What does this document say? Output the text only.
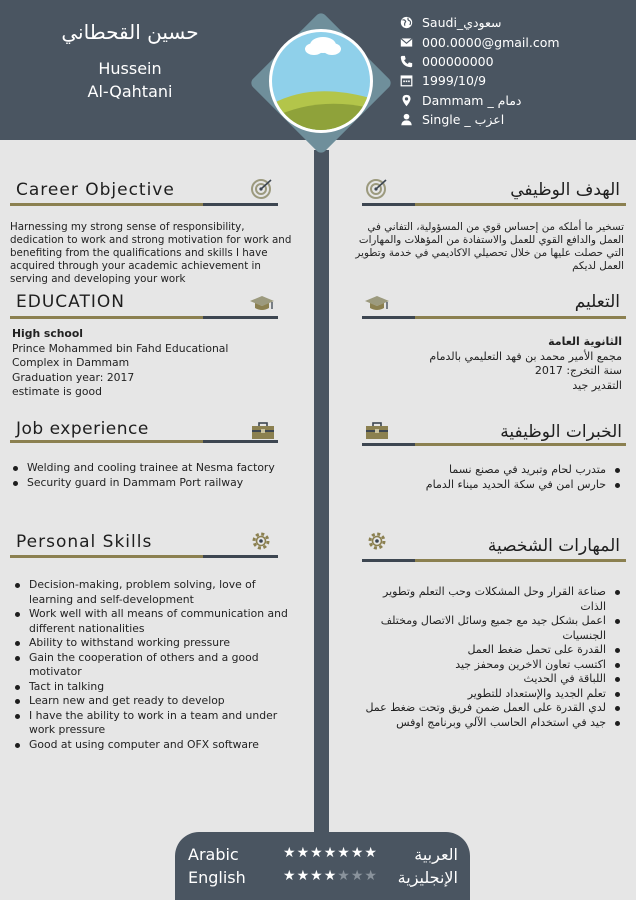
حسين القحطاني
Hussein
Al-Qahtani
Saudi_سعودي
000.0000@gmail.com
000000000
1999/10/9
Dammam _ دمام
Single _ اعزب
Career Objective
Harnessing my strong sense of responsibility, dedication to work and strong motivation for work and benefiting from the qualifications and skills I have acquired through your academic achievement in serving and developing your work
الهدف الوظيفي
تسخير ما أملكه من إحساس قوي من المسؤولية، التفاني في العمل والدافع القوي للعمل والاستفادة من المؤهلات والمهارات التي حصلت عليها من خلال تحصيلي الاكاديمي في خدمة وتطوير العمل لديكم
EDUCATION
High school
Prince Mohammed bin Fahd Educational
Complex in Dammam
Graduation year: 2017
estimate is good
التعليم
الثانوية العامة
مجمع الأمير محمد بن فهد التعليمي بالدمام
سنة التخرج: 2017
التقدير جيد
Job experience
Welding and cooling trainee at Nesma factory
Security guard in Dammam Port railway
الخبرات الوظيفية
متدرب لحام وتبريد في مصنع نسما
حارس امن في سكة الحديد ميناء الدمام
Personal Skills
Decision-making, problem solving, love of learning and self-development
Work well with all means of communication and different nationalities
Ability to withstand working pressure
Gain the cooperation of others and a good motivator
Tact in talking
Learn new and get ready to develop
I have the ability to work in a team and under work pressure
Good at using computer and OFX software
المهارات الشخصية
صناعة القرار وحل المشكلات وحب التعلم وتطوير الذات
اعمل بشكل جيد مع جميع وسائل الاتصال ومختلف الجنسيات
القدرة على تحمل ضغط العمل
اكتسب تعاون الاخرين ومحفز جيد
اللباقة في الحديث
تعلم الجديد والإستعداد للتطوير
لدي القدرة على العمل ضمن فريق وتحت ضغط عمل
جيد في استخدام الحاسب الآلي وبرنامج اوفس
Arabic	★★★★★★★ العربية
English	★★★★★★★ الإنجليزية
